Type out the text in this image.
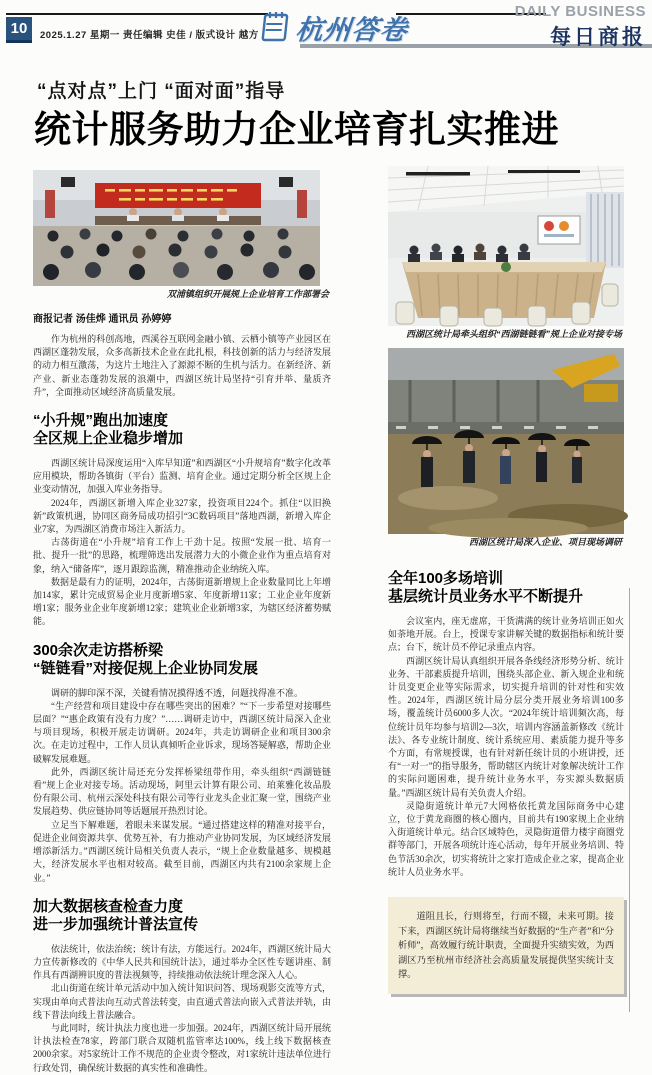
10 2025.1.27 星期一 责任编辑 史佳 / 版式设计 越方 杭州答卷
DAILY BUSINESS
每日商报
“点对点”上门 “面对面”指导
统计服务助力企业培育扎实推进
双浦镇组织开展规上企业培育工作部署会
商报记者 汤佳烨 通讯员 孙婷婷

作为杭州的科创高地，西溪谷互联网金融小镇、云栖小镇等产业园区在西湖区蓬勃发展，众多高新技术企业在此扎根，科技创新的活力与经济发展的动力相互激荡，为这片土地注入了源源不断的生机与活力。在新经济、新产业、新业态蓬勃发展的浪潮中，西湖区统计局坚持“引育并举、量质齐升”，全面推动区域经济高质量发展。

“小升规”跑出加速度
全区规上企业稳步增加

西湖区统计局深度运用“入库早知道”和西湖区“小升规培育”数字化改革应用模块，帮助各镇街（平台）监测、培育企业。通过定期分析全区规上企业变动情况，加强入库业务指导。

2024年，西湖区新增入库企业327家，投资项目224个。抓住“以旧换新”政策机遇，协同区商务局成功招引“3C数码项目”落地西湖，新增入库企业7家，为西湖区消费市场注入新活力。

古荡街道在“小升规”培育工作上干劲十足。按照“发展一批、培育一批、提升一批”的思路，梳理筛选出发展潜力大的小微企业作为重点培育对象，纳入“储备库”，逐月跟踪监测，精准推动企业纳统入库。

数据是最有力的证明，2024年，古荡街道新增规上企业数量同比上年增加14家，累计完成贸易企业月度新增5家、年度新增11家；工业企业年度新增1家；服务业企业年度新增12家；建筑业企业新增3家，为辖区经济蓄势赋能。

300余次走访搭桥梁
“链链看”对接促规上企业协同发展

调研的脚印深不深，关键看情况摸得透不透，问题找得准不准。

“生产经营和项目建设中存在哪些突出的困难？”“下一步希望对接哪些层面？”“惠企政策有没有力度？”……调研走访中，西湖区统计局深入企业与项目现场，积极开展走访调研。2024年，共走访调研企业和项目300余次。在走访过程中，工作人员认真倾听企业诉求，现场答疑解惑，帮助企业破解发展难题。

此外，西湖区统计局还充分发挥桥梁纽带作用，牵头组织“西湖链链看”规上企业对接专场。活动现场，阿里云计算有限公司、珀莱雅化妆品股份有限公司、杭州云深处科技有限公司等行业龙头企业汇聚一堂，围绕产业发展趋势、供应链协同等话题展开热烈讨论。

立足当下解难题，着眼未来谋发展。“通过搭建这样的精准对接平台，促进企业间资源共享、优势互补，有力推动产业协同发展，为区域经济发展增添新活力。”西湖区统计局相关负责人表示，“规上企业数量越多、规模越大，经济发展水平也相对较高。截至目前，西湖区内共有2100余家规上企业。”

加大数据核查检查力度
进一步加强统计普法宣传

依法统计，依法治统；统计有法，方能远行。2024年，西湖区统计局大力宣传新修改的《中华人民共和国统计法》，通过举办全区性专题讲座、制作具有西湖辨识度的普法视频等，持续推动依法统计理念深入人心。

北山街道在统计单元活动中加入统计知识问答、现场观影交流等方式，实现由单向式普法向互动式普法转变，由直通式普法向嵌入式普法并轨，由线下普法向线上普法融合。

与此同时，统计执法力度也进一步加强。2024年，西湖区统计局开展统计执法检查78家，跨部门联合双随机监管率达100%，线上线下数据核查2000余家。对5家统计工作不规范的企业责令整改，对1家统计违法单位进行行政处罚，确保统计数据的真实性和准确性。

西湖区统计局牵头组织“西湖链链看”规上企业对接专场
西湖区统计局深入企业、项目现场调研
全年100多场培训
基层统计员业务水平不断提升

会议室内，座无虚席，干货满满的统计业务培训正如火如荼地开展。台上，授课专家讲解关键的数据指标和统计要点；台下，统计员不停记录重点内容。

西湖区统计局认真组织开展各条线经济形势分析、统计业务、干部素质提升培训，围绕头部企业、新入规企业和统计员变更企业等实际需求，切实提升培训的针对性和实效性。2024年，西湖区统计局分层分类开展业务培训100多场，覆盖统计员6000多人次。“2024年统计培训频次高，每位统计员年均参与培训2—3次，培训内容涵盖新修改《统计法》、各专业统计制度、统计系统应用、素质能力提升等多个方面，有常规授课，也有针对新任统计员的小班讲授，还有“一对一”的指导服务，帮助辖区内统计对象解决统计工作的实际问题困难，提升统计业务水平，夯实源头数据质量。”西湖区统计局有关负责人介绍。

灵隐街道统计单元7大网格依托黄龙国际商务中心建立，位于黄龙商圈的核心圈内，目前共有190家规上企业纳入街道统计单元。结合区域特色，灵隐街道借力楼宇商圈党群等部门，开展各项统计连心活动，每年开展业务培训、特色节活30余次，切实将统计之家打造成企业之家，提高企业统计人员业务水平。

道阻且长，行则将至，行而不辍，未来可期。接下来，西湖区统计局将继续当好数据的“生产者”和“分析师”，高效履行统计职责，全面提升实绩实效，为西湖区乃至杭州市经济社会高质量发展提供坚实统计支撑。
